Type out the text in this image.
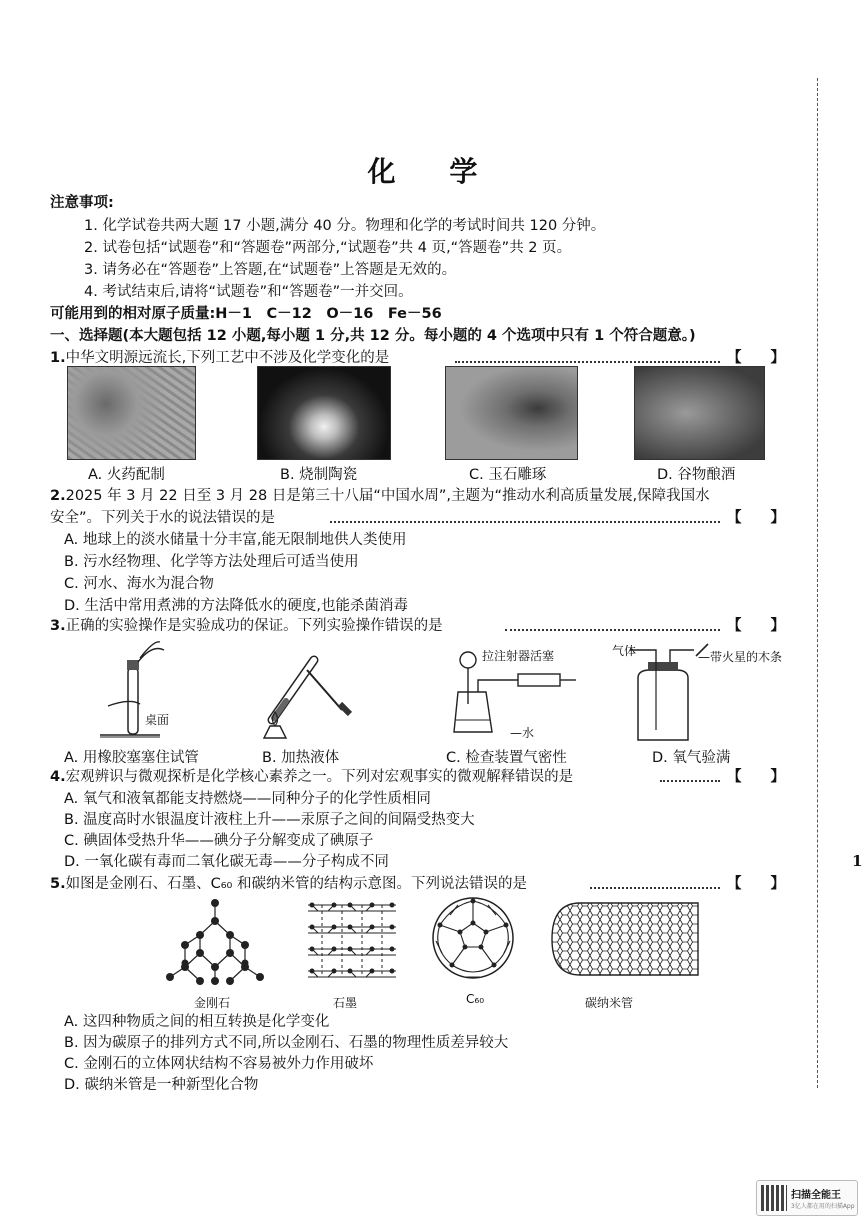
1
化 学
注意事项:
1. 化学试卷共两大题 17 小题,满分 40 分。物理和化学的考试时间共 120 分钟。
2. 试卷包括“试题卷”和“答题卷”两部分,“试题卷”共 4 页,“答题卷”共 2 页。
3. 请务必在“答题卷”上答题,在“试题卷”上答题是无效的。
4. 考试结束后,请将“试题卷”和“答题卷”一并交回。
可能用到的相对原子质量:H－1　C－12　O－16　Fe－56
一、选择题(本大题包括 12 小题,每小题 1 分,共 12 分。每小题的 4 个选项中只有 1 个符合题意。)
1.中华文明源远流长,下列工艺中不涉及化学变化的是	【　　】
A. 火药配制	B. 烧制陶瓷	C. 玉石雕琢	D. 谷物酿酒
2.2025 年 3 月 22 日至 3 月 28 日是第三十八届“中国水周”,主题为“推动水利高质量发展,保障我国水
安全”。下列关于水的说法错误的是	【　　】
A. 地球上的淡水储量十分丰富,能无限制地供人类使用
B. 污水经物理、化学等方法处理后可适当使用
C. 河水、海水为混合物
D. 生活中常用煮沸的方法降低水的硬度,也能杀菌消毒
3.正确的实验操作是实验成功的保证。下列实验操作错误的是	【　　】
桌面
拉注射器活塞
—水
气体	—带火星的木条
A. 用橡胶塞塞住试管	B. 加热液体	C. 检查装置气密性	D. 氧气验满
4.宏观辨识与微观探析是化学核心素养之一。下列对宏观事实的微观解释错误的是	【　　】
A. 氧气和液氧都能支持燃烧——同种分子的化学性质相同
B. 温度高时水银温度计液柱上升——汞原子之间的间隔受热变大
C. 碘固体受热升华——碘分子分解变成了碘原子
D. 一氧化碳有毒而二氧化碳无毒——分子构成不同
5.如图是金刚石、石墨、C₆₀ 和碳纳米管的结构示意图。下列说法错误的是	【　　】
金刚石	石墨	C₆₀	碳纳米管
A. 这四种物质之间的相互转换是化学变化
B. 因为碳原子的排列方式不同,所以金刚石、石墨的物理性质差异较大
C. 金刚石的立体网状结构不容易被外力作用破坏
D. 碳纳米管是一种新型化合物
扫描全能王
3亿人都在用的扫描App
